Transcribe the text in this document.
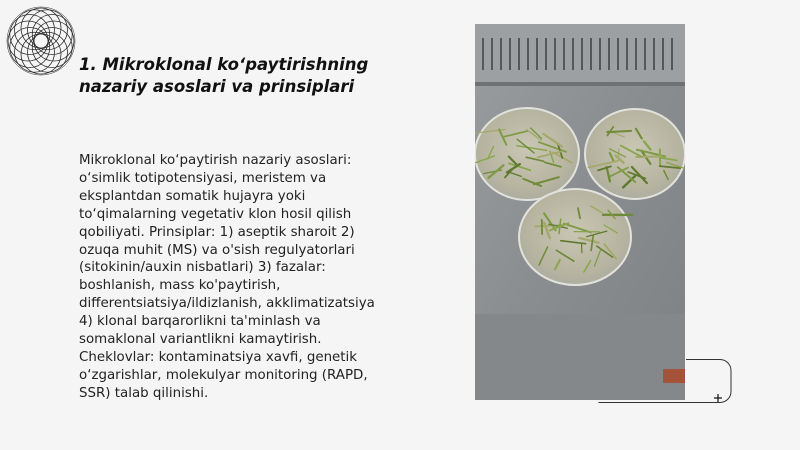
1. Mikroklonal ko‘paytirishning
nazariy asoslari va prinsiplari

Mikroklonal ko‘paytirish nazariy asoslari:
o‘simlik totipotensiyasi, meristem va
eksplantdan somatik hujayra yoki
to‘qimalarning vegetativ klon hosil qilish
qobiliyati. Prinsiplar: 1) aseptik sharoit 2)
ozuqa muhit (MS) va o'sish regulyatorlari
(sitokinin/auxin nisbatlari) 3) fazalar:
boshlanish, mass ko'paytirish,
differentsiatsiya/ildizlanish, akklimatizatsiya
4) klonal barqarorlikni ta'minlash va
somaklonal variantlikni kamaytirish.
Cheklovlar: kontaminatsiya xavfi, genetik
o‘zgarishlar, molekulyar monitoring (RAPD,
SSR) talab qilinishi.
